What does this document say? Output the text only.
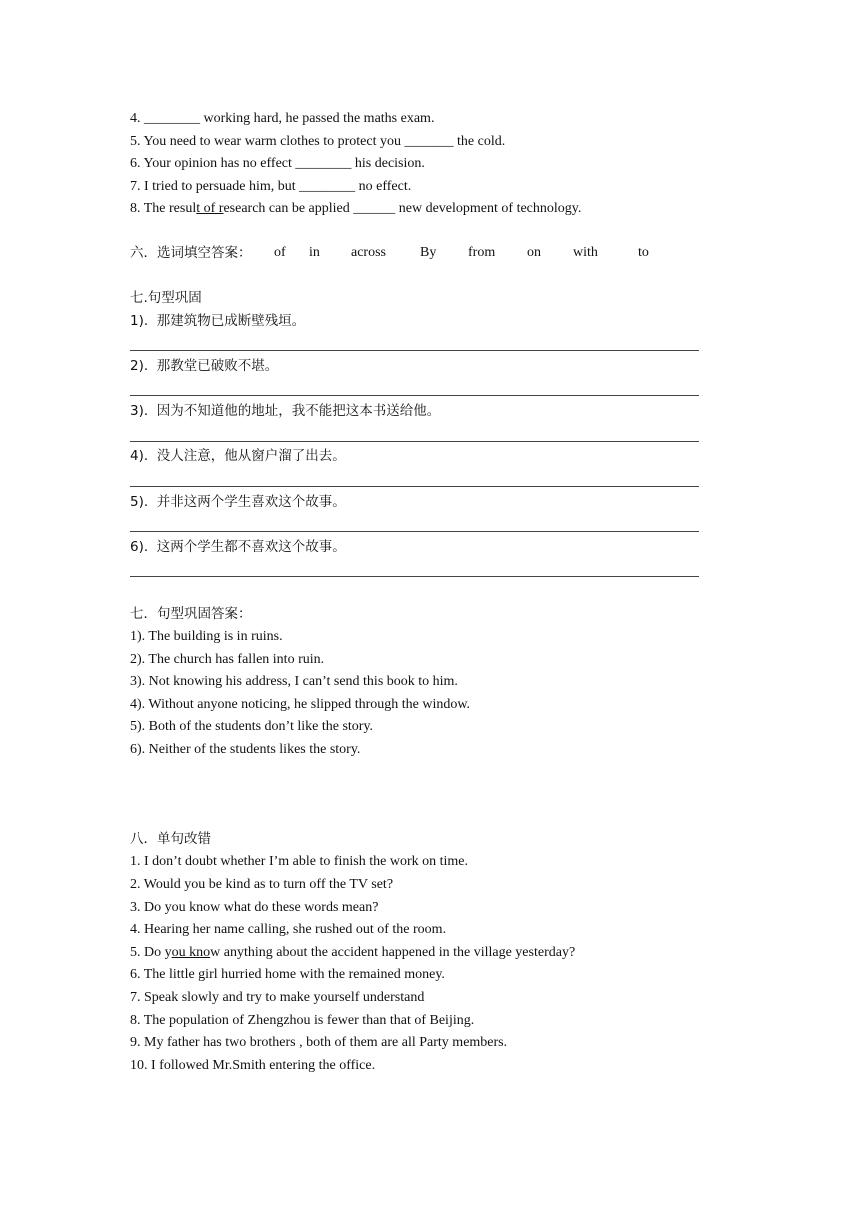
4. ________ working hard, he passed the maths exam.
5. You need to wear warm clothes to protect you _______ the cold.
6. Your opinion has no effect ________ his decision.
7. I tried to persuade him, but ________ no effect.
8. The result of research can be applied ______ new development of technology.
六．选词填空答案： of in across By from on with	to
七.句型巩固
1).  那建筑物已成断壁残垣。
2).  那教堂已破败不堪。
3).  因为不知道他的地址，我不能把这本书送给他。
4).  没人注意，他从窗户溜了出去。
5).  并非这两个学生喜欢这个故事。
6).  这两个学生都不喜欢这个故事。
七．句型巩固答案：
1). The building is in ruins.
2). The church has fallen into ruin.
3). Not knowing his address, I can’t send this book to him.
4). Without anyone noticing, he slipped through the window.
5). Both of the students don’t like the story.
6). Neither of the students likes the story.
八．单句改错
1. I don’t doubt whether I’m able to finish the work on time.
2. Would you be kind as to turn off the TV set?
3. Do you know what do these words mean?
4. Hearing her name calling, she rushed out of the room.
5. Do you know anything about the accident happened in the village yesterday?
6. The little girl hurried home with the remained money.
7. Speak slowly and try to make yourself understand
8. The population of Zhengzhou is fewer than that of Beijing.
9. My father has two brothers , both of them are all Party members.
10. I followed Mr.Smith entering the office.
